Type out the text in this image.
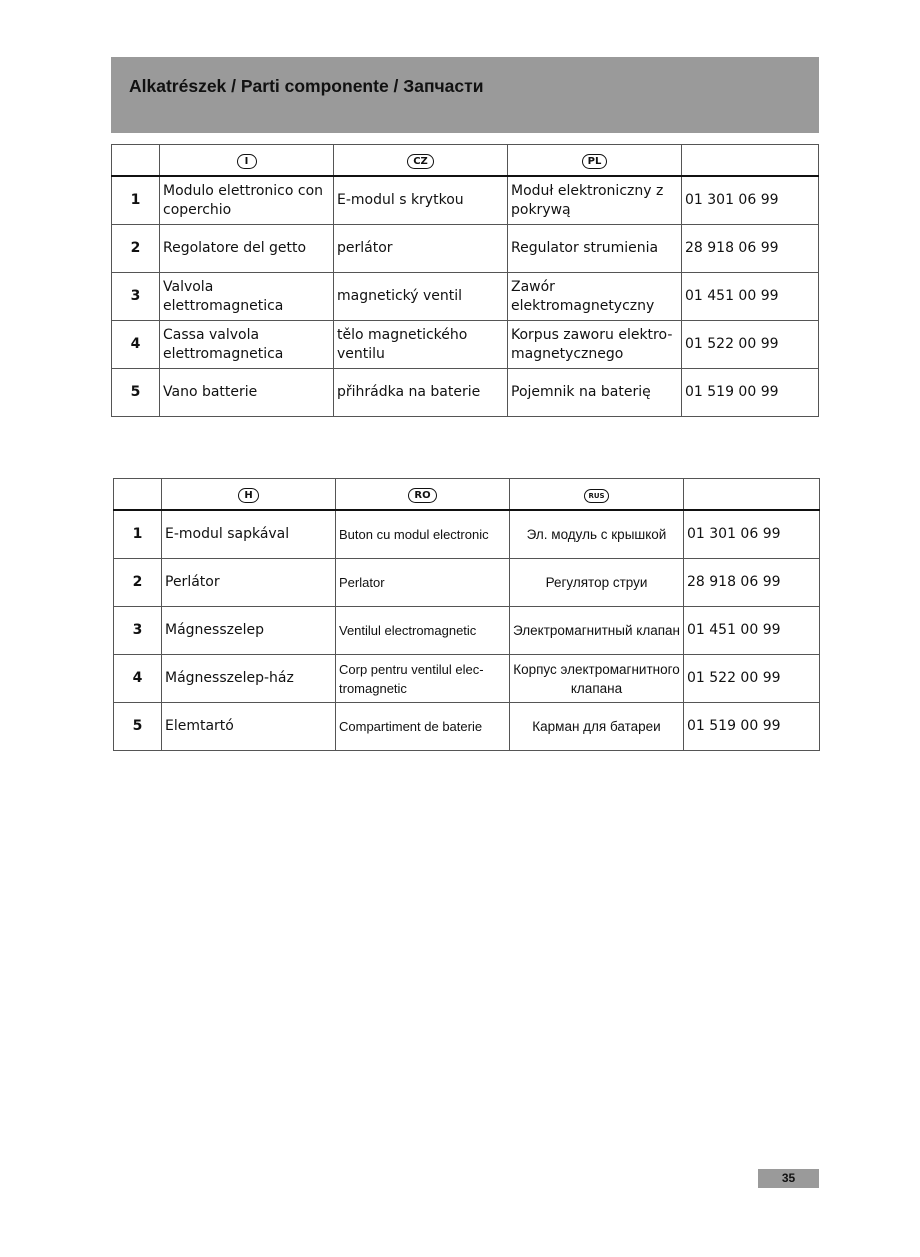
Alkatrészek / Parti componente / Запчасти
	I	CZ	PL	
1	Modulo elettronico con coperchio	E-modul s krytkou	Moduł elektroniczny z pokrywą	01 301 06 99
2	Regolatore del getto	perlátor	Regulator strumienia	28 918 06 99
3	Valvola elettromagnetica	magnetický ventil	Zawór elektromagnetyczny	01 451 00 99
4	Cassa valvola elettromagnetica	tělo magnetického ventilu	Korpus zaworu elektro-magnetycznego	01 522 00 99
5	Vano batterie	přihrádka na baterie	Pojemnik na baterię	01 519 00 99
	H	RO	RUS	
1	E-modul sapkával	Buton cu modul electronic	Эл. модуль с крышкой	01 301 06 99
2	Perlátor	Perlator	Регулятор струи	28 918 06 99
3	Mágnesszelep	Ventilul electromagnetic	Электромагнитный клапан	01 451 00 99
4	Mágnesszelep-ház	Corp pentru ventilul elec-tromagnetic	Корпус электромагнитного клапана	01 522 00 99
5	Elemtartó	Compartiment de baterie	Карман для батареи	01 519 00 99
35
